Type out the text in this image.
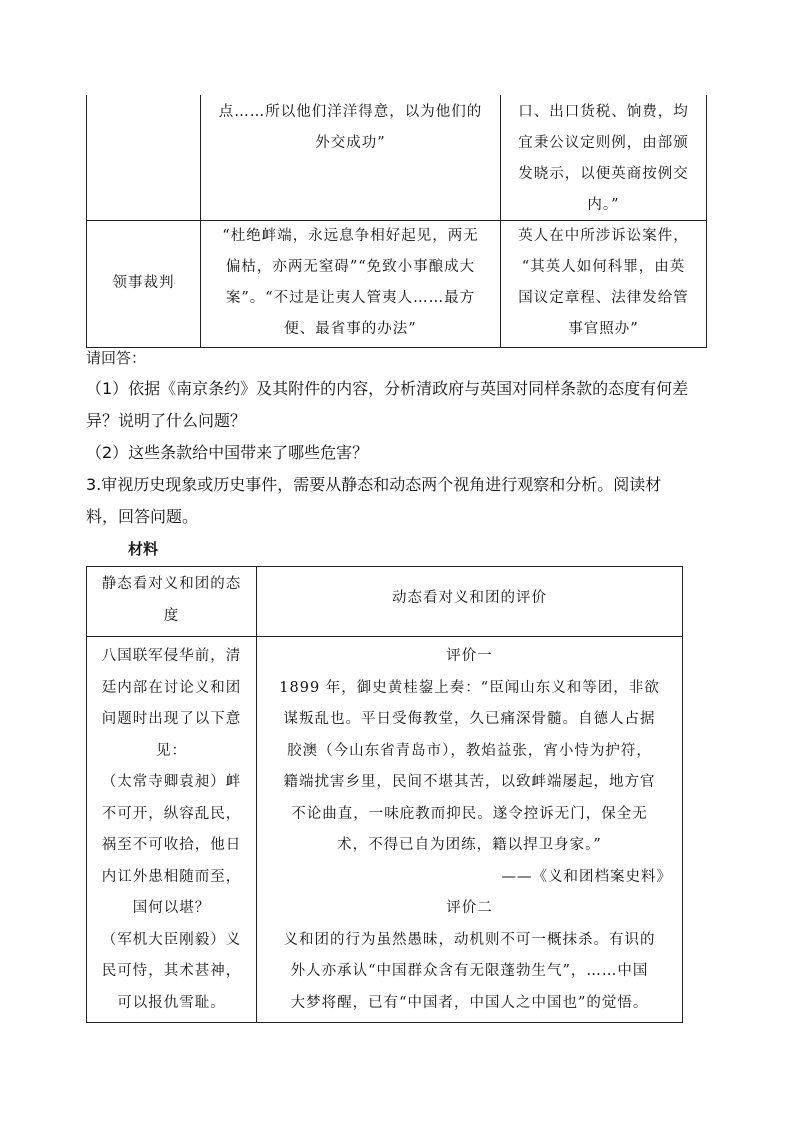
点……所以他们洋洋得意，以为他们的
外交成功”
口、出口货税、饷费，均
宜秉公议定则例，由部颁
发晓示，以便英商按例交
内。”
领事裁判
“杜绝衅端，永远息争相好起见，两无
偏枯，亦两无窒碍”“免致小事酿成大
案”。“不过是让夷人管夷人……最方
便、最省事的办法”
英人在中所涉诉讼案件，
“其英人如何科罪，由英
国议定章程、法律发给管
事官照办”
请回答：
（1）依据《南京条约》及其附件的内容，分析清政府与英国对同样条款的态度有何差
异？说明了什么问题？
（2）这些条款给中国带来了哪些危害？
3.审视历史现象或历史事件，需要从静态和动态两个视角进行观察和分析。阅读材
料，回答问题。
材料
静态看对义和团的态
度
动态看对义和团的评价
八国联军侵华前，清
廷内部在讨论义和团
问题时出现了以下意
见：
（太常寺卿袁昶）衅
不可开，纵容乱民，
祸至不可收拾，他日
内讧外患相随而至，
国何以堪？
（军机大臣刚毅）义
民可恃，其术甚神，
可以报仇雪耻。
评价一
1899 年，御史黄桂鋆上奏：“臣闻山东义和等团，非欲
谋叛乱也。平日受侮教堂，久已痛深骨髓。自德人占据
胶澳（今山东省青岛市），教焰益张，宵小恃为护符，
籍端扰害乡里，民间不堪其苦，以致衅端屡起，地方官
不论曲直，一味庇教而抑民。遂令控诉无门，保全无
术，不得已自为团练，籍以捍卫身家。”
——《义和团档案史料》
评价二
义和团的行为虽然愚昧，动机则不可一概抹杀。有识的
外人亦承认“中国群众含有无限蓬勃生气”，……中国
大梦将醒，已有“中国者，中国人之中国也”的觉悟。
